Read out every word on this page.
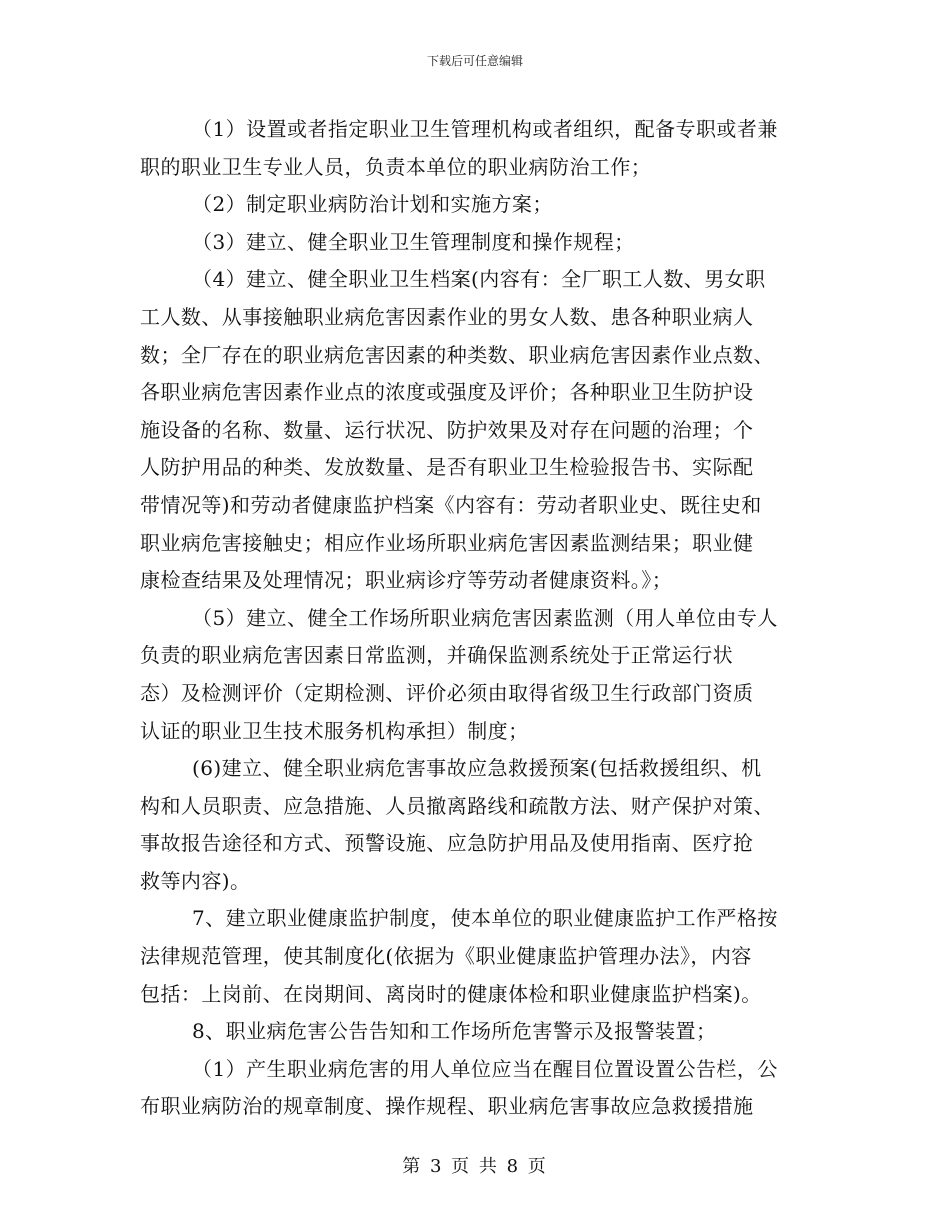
下载后可任意编辑
（1）设置或者指定职业卫生管理机构或者组织，配备专职或者兼
职的职业卫生专业人员，负责本单位的职业病防治工作；
（2）制定职业病防治计划和实施方案；
（3）建立、健全职业卫生管理制度和操作规程；
（4）建立、健全职业卫生档案(内容有：全厂职工人数、男女职
工人数、从事接触职业病危害因素作业的男女人数、患各种职业病人
数；全厂存在的职业病危害因素的种类数、职业病危害因素作业点数、
各职业病危害因素作业点的浓度或强度及评价；各种职业卫生防护设
施设备的名称、数量、运行状况、防护效果及对存在问题的治理；个
人防护用品的种类、发放数量、是否有职业卫生检验报告书、实际配
带情况等)和劳动者健康监护档案《内容有：劳动者职业史、既往史和
职业病危害接触史；相应作业场所职业病危害因素监测结果；职业健
康检查结果及处理情况；职业病诊疗等劳动者健康资料。》；
（5）建立、健全工作场所职业病危害因素监测（用人单位由专人
负责的职业病危害因素日常监测，并确保监测系统处于正常运行状
态）及检测评价（定期检测、评价必须由取得省级卫生行政部门资质
认证的职业卫生技术服务机构承担）制度；
(6)建立、健全职业病危害事故应急救援预案(包括救援组织、机
构和人员职责、应急措施、人员撤离路线和疏散方法、财产保护对策、
事故报告途径和方式、预警设施、应急防护用品及使用指南、医疗抢
救等内容)。
7、建立职业健康监护制度，使本单位的职业健康监护工作严格按
法律规范管理，使其制度化(依据为《职业健康监护管理办法》，内容
包括：上岗前、在岗期间、离岗时的健康体检和职业健康监护档案)。
8、职业病危害公告告知和工作场所危害警示及报警装置；
（1）产生职业病危害的用人单位应当在醒目位置设置公告栏，公
布职业病防治的规章制度、操作规程、职业病危害事故应急救援措施
第 3 页 共 8 页
